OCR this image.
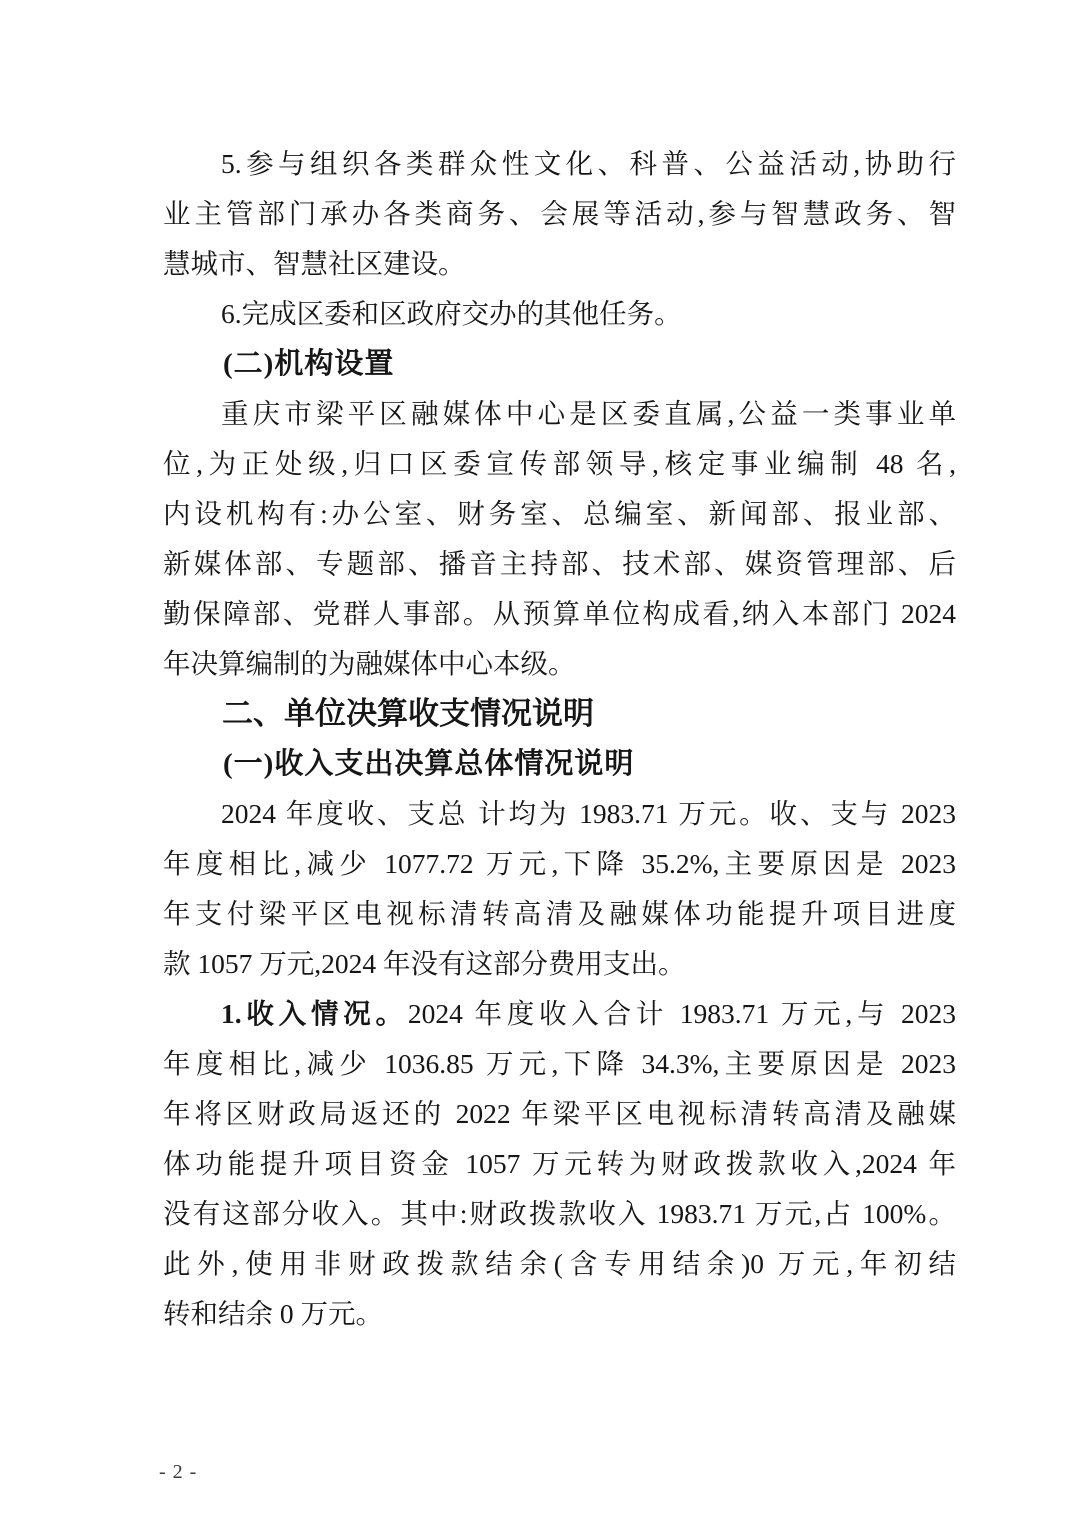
5.参与组织各类群众性文化、科普、公益活动,协助行
业主管部门承办各类商务、会展等活动,参与智慧政务、智
慧城市、智慧社区建设。
6.完成区委和区政府交办的其他任务。
(二)机构设置
重庆市梁平区融媒体中心是区委直属,公益一类事业单
位,为正处级,归口区委宣传部领导,核定事业编制 48 名,
内设机构有:办公室、财务室、总编室、新闻部、报业部、
新媒体部、专题部、播音主持部、技术部、媒资管理部、后
勤保障部、党群人事部。从预算单位构成看,纳入本部门 2024
年决算编制的为融媒体中心本级。
二、单位决算收支情况说明
(一)收入支出决算总体情况说明
2024 年度收、支总 计均为 1983.71 万元。收、支与 2023
年度相比,减少 1077.72 万元,下降 35.2%,主要原因是 2023
年支付梁平区电视标清转高清及融媒体功能提升项目进度
款 1057 万元,2024 年没有这部分费用支出。
1.收入情况。2024 年度收入合计 1983.71 万元,与 2023
年度相比,减少 1036.85 万元,下降 34.3%,主要原因是 2023
年将区财政局返还的 2022 年梁平区电视标清转高清及融媒
体功能提升项目资金 1057 万元转为财政拨款收入,2024 年
没有这部分收入。其中:财政拨款收入 1983.71 万元,占 100%。
此外,使用非财政拨款结余(含专用结余)0 万元,年初结
转和结余 0 万元。
- 2 -
